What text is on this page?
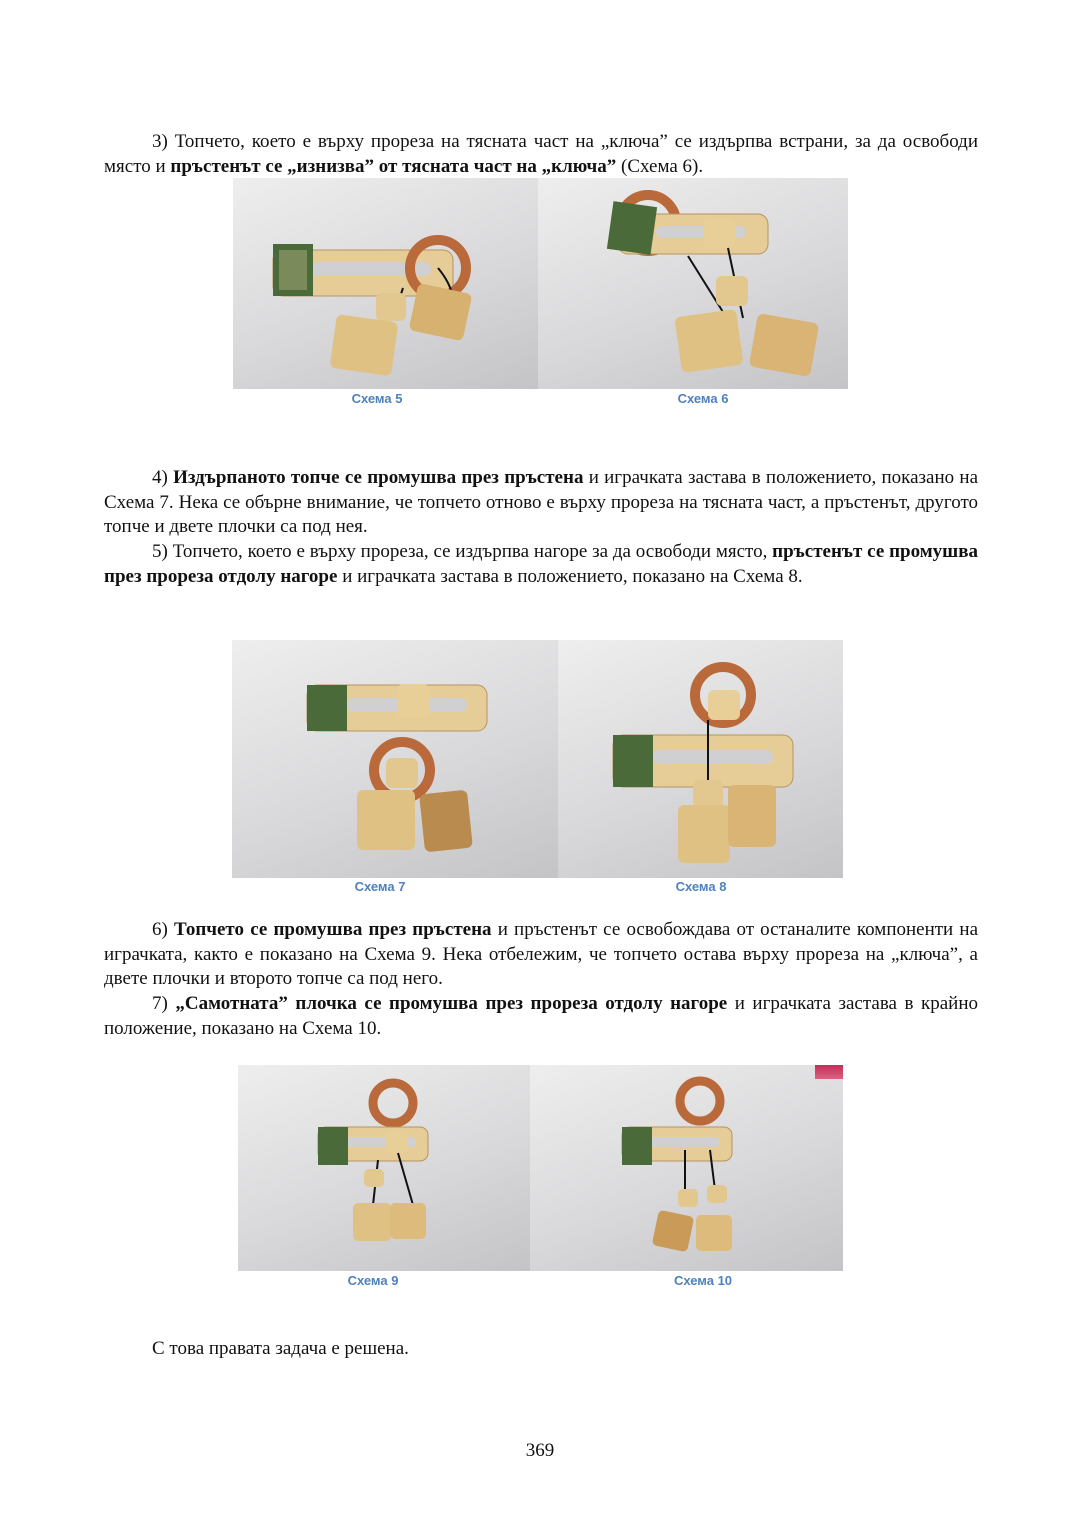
3) Топчето, което е върху прореза на тясната част на „ключа” се издърпва встрани, за да освободи място и пръстенът се „изнизва” от тясната част на „ключа” (Схема 6).

Схема 5	Схема 6

4) Издърпаното топче се промушва през пръстена и играчката застава в положението, показано на Схема 7. Нека се обърне внимание, че топчето отново е върху прореза на тясната част, а пръстенът, другото топче и двете плочки са под нея.

5) Топчето, което е върху прореза, се издърпва нагоре за да освободи място, пръстенът се промушва през прореза отдолу нагоре и играчката застава в положението, показано на Схема 8.

Схема 7	Схема 8

6) Топчето се промушва през пръстена и пръстенът се освобождава от останалите компоненти на играчката, както е показано на Схема 9. Нека отбележим, че топчето остава върху прореза на „ключа”, а двете плочки и второто топче са под него.

7) „Самотната” плочка се промушва през прореза отдолу нагоре и играчката застава в крайно положение, показано на Схема 10.

Схема 9	Схема 10

С това правата задача е решена.

369
